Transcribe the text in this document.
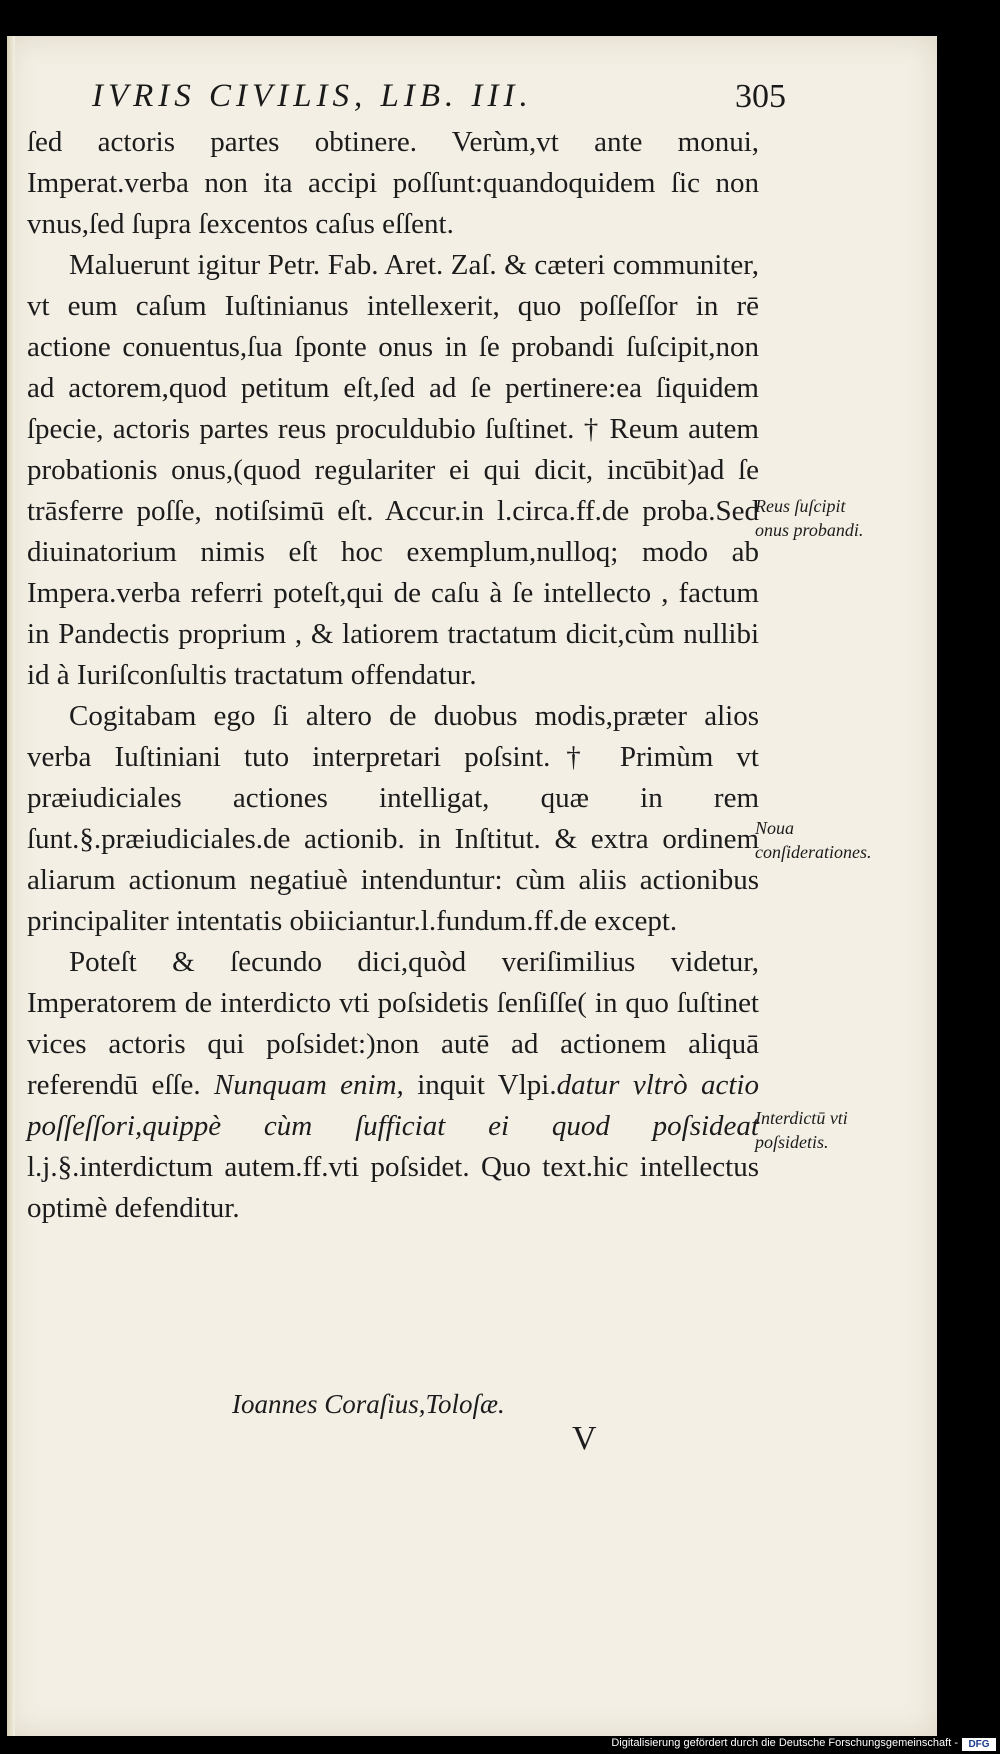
IVRIS CIVILIS, LIB. III.	305

ſed actoris partes obtinere. Verùm,vt ante monui, Imperat.verba non ita accipi poſſunt:quandoquidem ſic non vnus,ſed ſupra ſexcentos caſus eſſent.

Maluerunt igitur Petr. Fab. Aret. Zaſ. & cæteri communiter, vt eum caſum Iuſtinianus intellexerit, quo poſſeſſor in rē actione conuentus,ſua ſponte onus in ſe probandi ſuſcipit,non ad actorem,quod petitum eſt,ſed ad ſe pertinere:ea ſiquidem ſpecie, actoris partes reus proculdubio ſuſtinet. † Reum autem probationis onus,(quod regulariter ei qui dicit, incūbit)ad ſe trāsferre poſſe, notiſsimū eſt. Accur.in l.circa.ff.de proba.Sed diuinatorium nimis eſt hoc exemplum,nulloq; modo ab Impera.verba referri poteſt,qui de caſu à ſe intellecto , factum in Pandectis proprium , & latiorem tractatum dicit,cùm nullibi id à Iuriſconſultis tractatum offendatur.

Cogitabam ego ſi altero de duobus modis,præter alios verba Iuſtiniani tuto interpretari poſsint.† Primùm vt præiudiciales actiones intelligat, quæ in rem ſunt.§.præiudiciales.de actionib. in Inſtitut. & extra ordinem aliarum actionum negatiuè intenduntur: cùm aliis actionibus principaliter intentatis obiiciantur.l.fundum.ff.de except.

Poteſt & ſecundo dici,quòd veriſimilius videtur, Imperatorem de interdicto vti poſsidetis ſenſiſſe( in quo ſuſtinet vices actoris qui poſsidet:)non autē ad actionem aliquā referendū eſſe. Nunquam enim, inquit Vlpi.datur vltrò actio poſſeſſori,quippè cùm ſufficiat ei quod poſsideat l.j.§.interdictum autem.ff.vti poſsidet. Quo text.hic intellectus optimè defenditur.

Ioannes Coraſius,Toloſæ.
V
Reus ſuſcipit onus probandi.
Noua conſiderationes.
Interdictū vti poſsidetis.
Digitalisierung gefördert durch die Deutsche Forschungsgemeinschaft -	DFG
